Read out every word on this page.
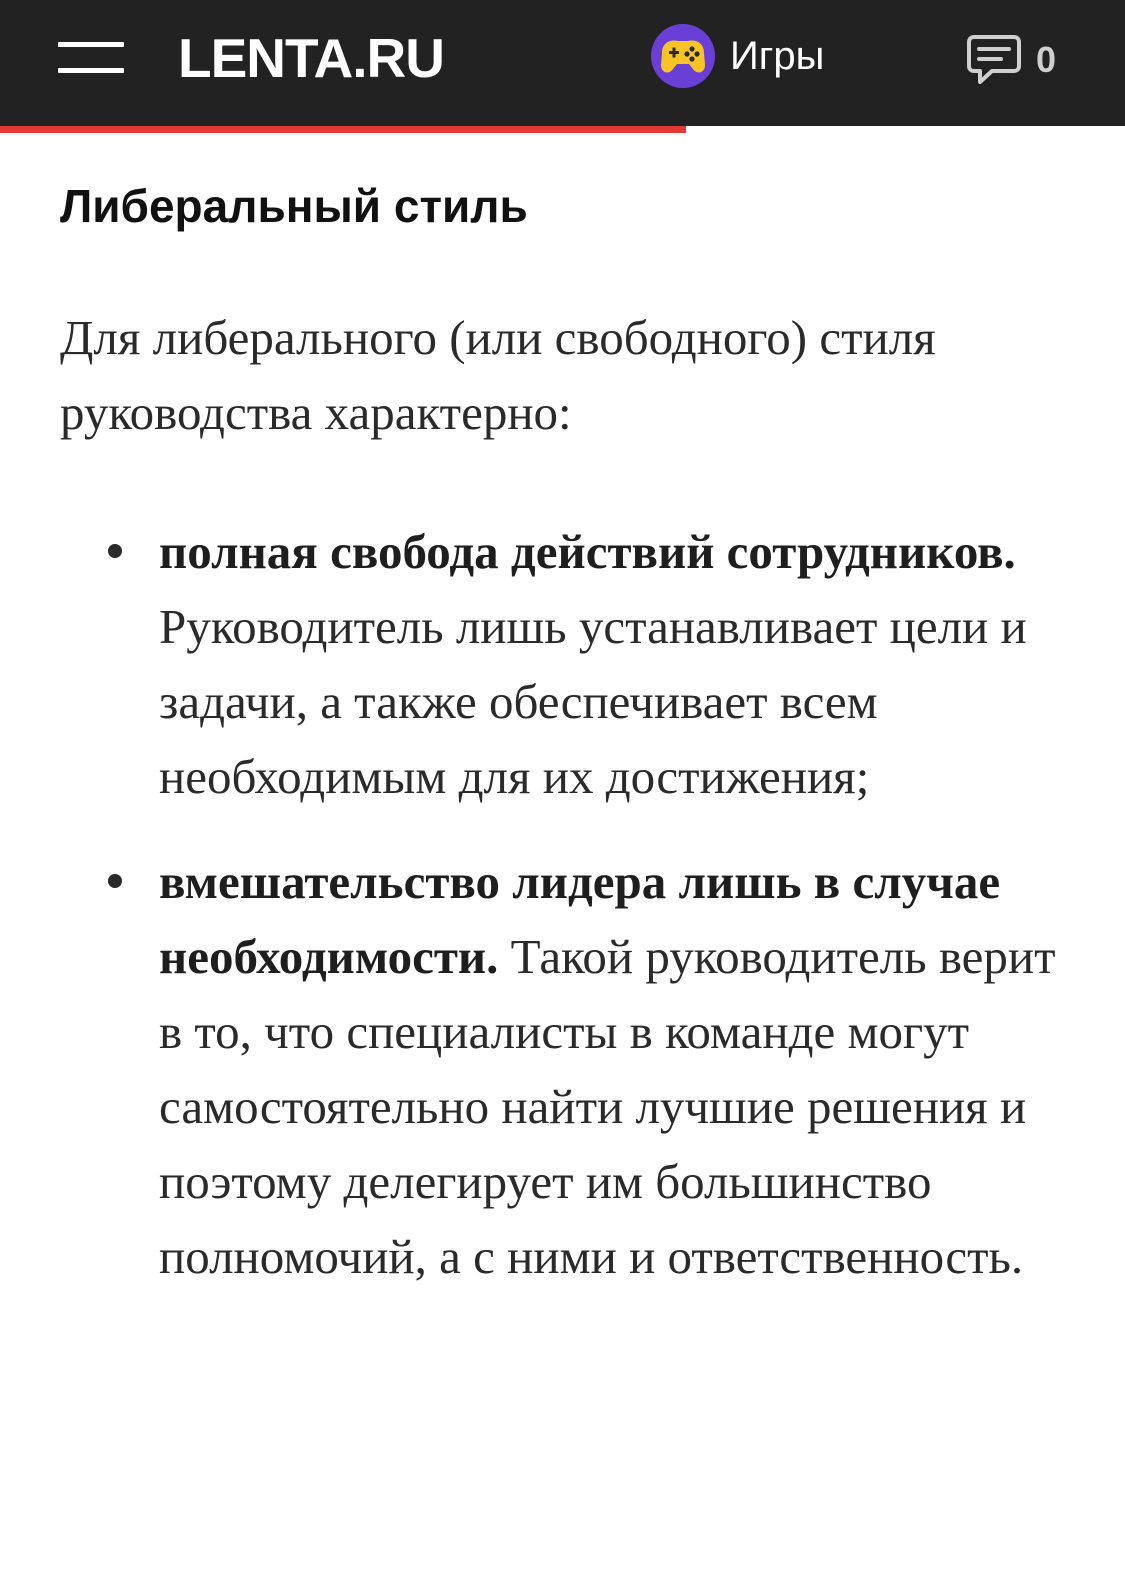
LENTA.RU	Игры	0
Либеральный стиль

Для либерального (или свободного) стиля руководства характерно:

полная свобода действий сотрудников. Руководитель лишь устанавливает цели и задачи, а также обеспечивает всем необходимым для их достижения;
вмешательство лидера лишь в случае необходимости. Такой руководитель верит в то, что специалисты в команде могут самостоятельно найти лучшие решения и поэтому делегирует им большинство полномочий, а с ними и ответственность.
